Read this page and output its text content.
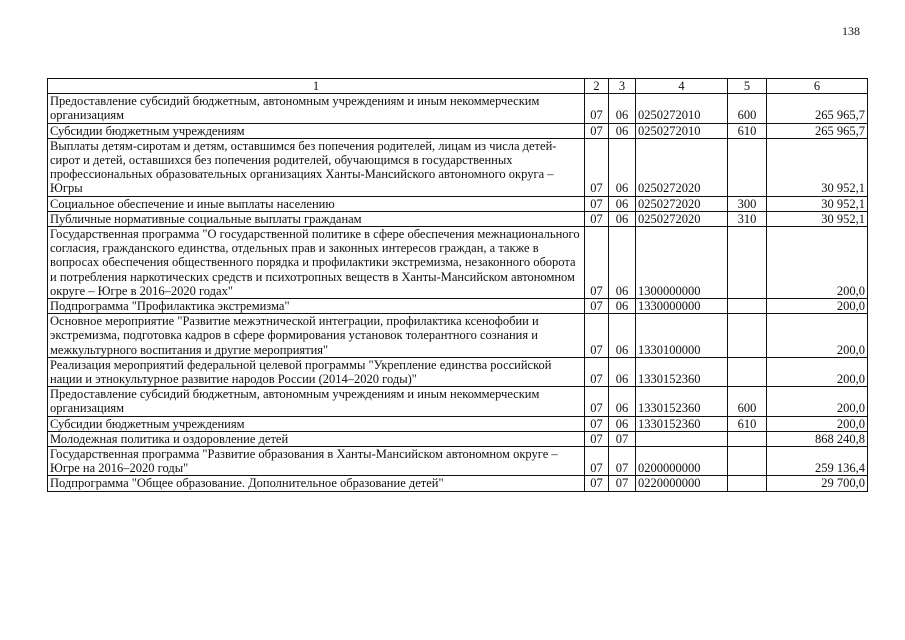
138
1	2	3	4	5	6
Предоставление субсидий бюджетным, автономным учреждениям и иным некоммерческим организациям	07	06	0250272010	600	265 965,7
Субсидии бюджетным учреждениям	07	06	0250272010	610	265 965,7
Выплаты детям-сиротам и детям, оставшимся без попечения родителей, лицам из числа детей-сирот и детей, оставшихся без попечения родителей, обучающимся в государственных профессиональных образовательных организациях Ханты-Мансийского автономного округа – Югры	07	06	0250272020		30 952,1
Социальное обеспечение и иные выплаты населению	07	06	0250272020	300	30 952,1
Публичные нормативные социальные выплаты гражданам	07	06	0250272020	310	30 952,1
Государственная программа "О государственной политике в сфере обеспечения межнационального согласия, гражданского единства, отдельных прав и законных интересов граждан, а также в вопросах обеспечения общественного порядка и профилактики экстремизма, незаконного оборота и потребления наркотических средств и психотропных веществ в Ханты-Мансийском автономном округе – Югре в 2016–2020 годах"	07	06	1300000000		200,0
Подпрограмма "Профилактика экстремизма"	07	06	1330000000		200,0
Основное мероприятие "Развитие межэтнической интеграции, профилактика ксенофобии и экстремизма, подготовка кадров в сфере формирования установок толерантного сознания и межкультурного воспитания и другие мероприятия"	07	06	1330100000		200,0
Реализация мероприятий федеральной целевой программы "Укрепление единства российской нации и этнокультурное развитие народов России (2014–2020 годы)"	07	06	1330152360		200,0
Предоставление субсидий бюджетным, автономным учреждениям и иным некоммерческим организациям	07	06	1330152360	600	200,0
Субсидии бюджетным учреждениям	07	06	1330152360	610	200,0
Молодежная политика и оздоровление детей	07	07			868 240,8
Государственная программа "Развитие образования в Ханты-Мансийском автономном округе – Югре на 2016–2020 годы"	07	07	0200000000		259 136,4
Подпрограмма "Общее образование. Дополнительное образование детей"	07	07	0220000000		29 700,0
